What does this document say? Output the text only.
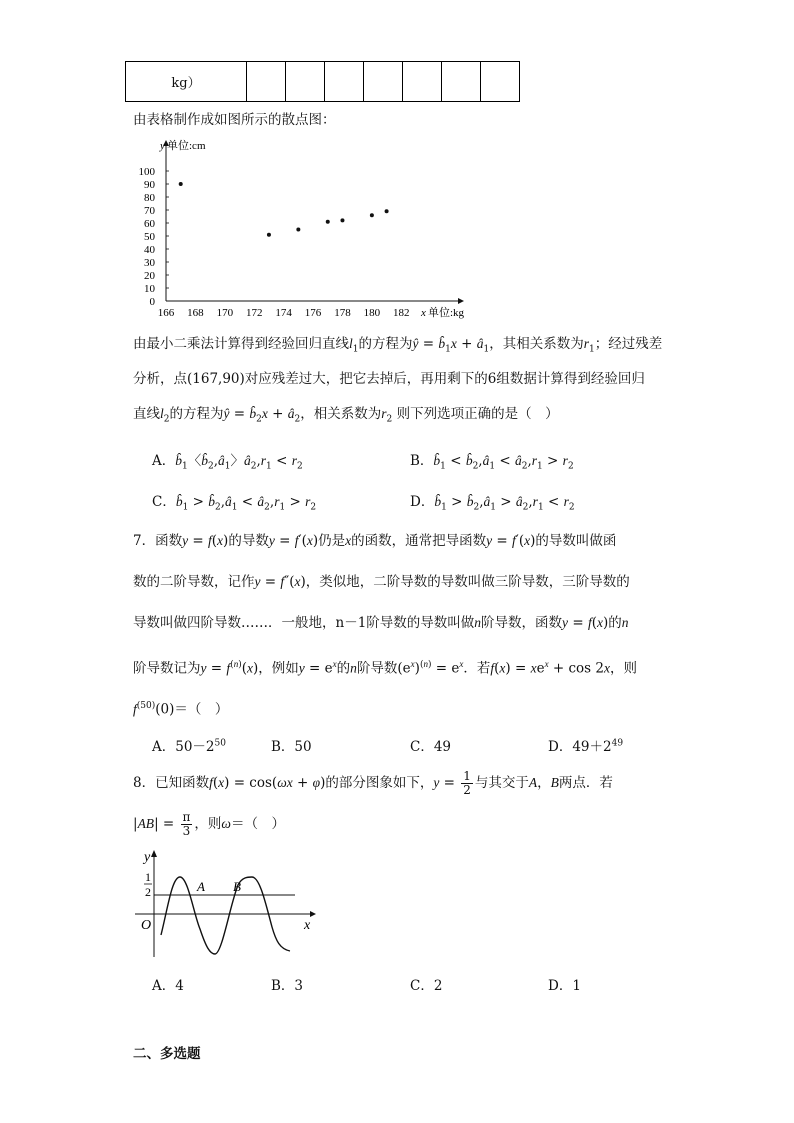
kg）							
由表格制作成如图所示的散点图：
y 单位:cm
x 单位:kg
166 168 170 172 174 176 178 180 182
0
10
20
30
40
50
60
70
80
90
100
由最小二乘法计算得到经验回归直线$l_1$的方程为ŷ = $b̂_1x$ + $â_1$，其相关系数为$r_1$；经过残差
分析，点(167,90)对应残差过大，把它去掉后，再用剩下的6组数据计算得到经验回归
直线$l_2$的方程为ŷ = $b̂_2x$ + $â_2$，相关系数为$r_2$ 则下列选项正确的是（　）
A．$b̂_1$〈$b̂_2,â_1$〉$â_2,r_1 < r_2$	B．$b̂_1$ < $b̂_2,â_1$ < $â_2,r_1 > r_2$
C．$b̂_1$ > $b̂_2,â_1$ < $â_2,r_1 > r_2$	D．$b̂_1$ > $b̂_2,â_1$ > $â_2,r_1 < r_2$
7．函数y = f(x)的导数y = f′(x)仍是x的函数，通常把导函数y = f′(x)的导数叫做函
数的二阶导数，记作y = f″(x)，类似地，二阶导数的导数叫做三阶导数，三阶导数的
导数叫做四阶导数……．一般地，n－1阶导数的导数叫做n阶导数，函数y = f(x)的n
阶导数记为$y = f^{(n)}(x)$，例如$y = e^x$的n阶导数$(e^x)^{(n)} = e^x$．若$f(x) = xe^x + \cos 2x$，则
$f^{(50)}(0)=$（　）
A．$50-2^{50}$	B．50	C．49	D．$49+2^{49}$
8．已知函数f(x) = cos(ωx + φ)的部分图象如下，$y = \frac{1}{2}$ 与其交于A，B两点．若
$|AB| = \frac{\pi}{3}$ ，则ω＝（　）
y
x
O
1
2	A B
A．4	B．3	C．2	D．1
二、多选题
